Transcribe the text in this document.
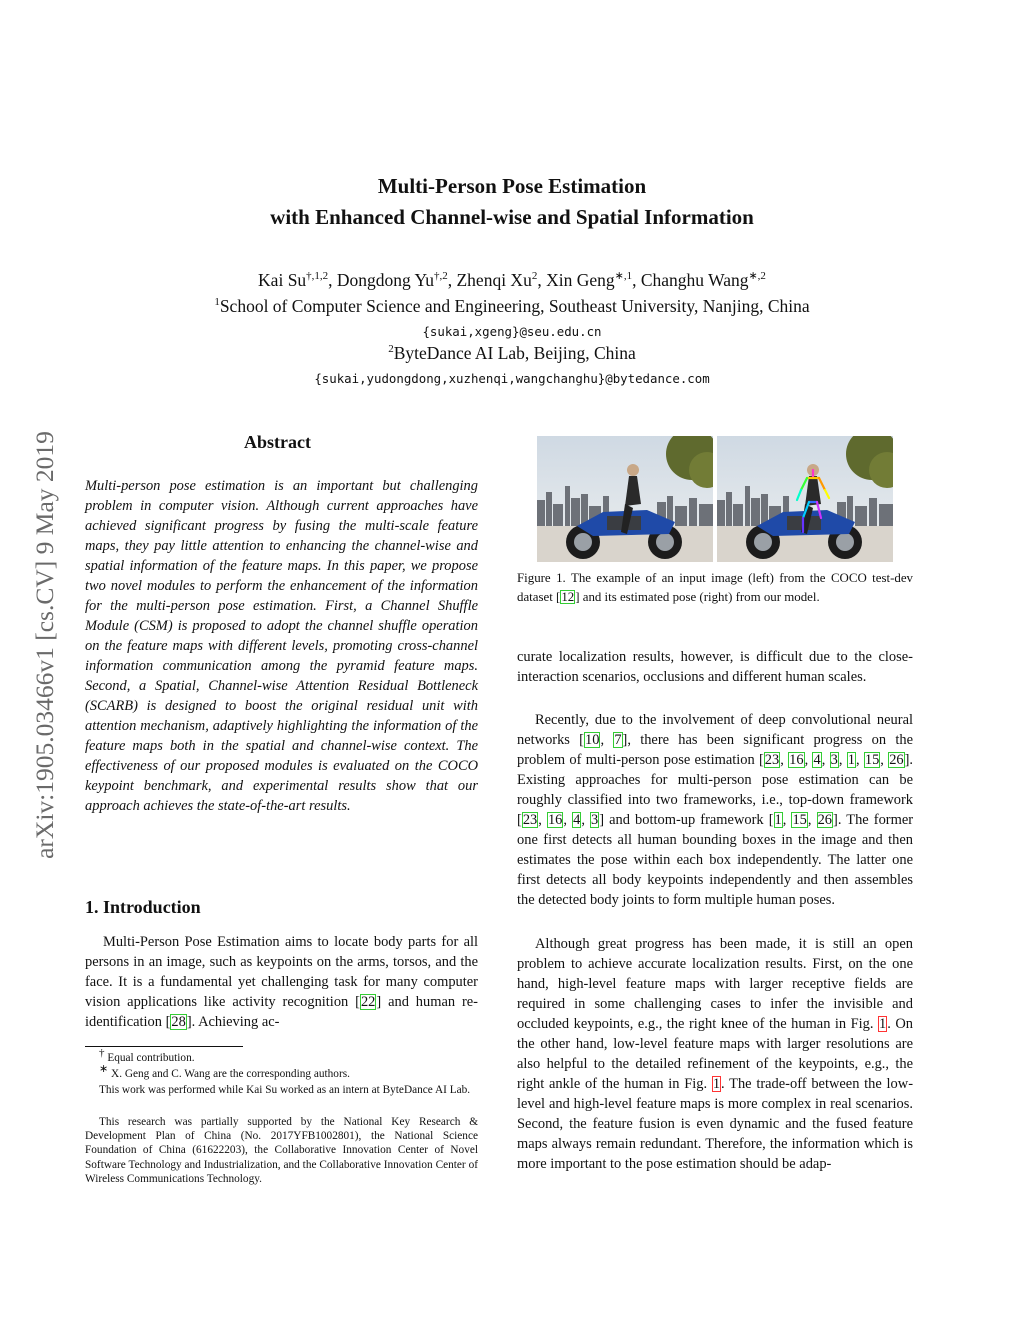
arXiv:1905.03466v1 [cs.CV] 9 May 2019
Multi-Person Pose Estimation
with Enhanced Channel-wise and Spatial Information
Kai $Su^{\dagger,1,2}$, Dongdong $Yu^{\dagger,2}$, Zhenqi Xu$^2$, Xin Geng$^{∗,1}$, Changhu Wang$^{∗,2}$
$^1$School of Computer Science and Engineering, Southeast University, Nanjing, China
{sukai,xgeng}@seu.edu.cn
$^2$ByteDance AI Lab, Beijing, China
{sukai,yudongdong,xuzhenqi,wangchanghu}@bytedance.com
Abstract

Multi-person pose estimation is an important but challenging problem in computer vision. Although current approaches have achieved significant progress by fusing the multi-scale feature maps, they pay little attention to enhancing the channel-wise and spatial information of the feature maps. In this paper, we propose two novel modules to perform the enhancement of the information for the multi-person pose estimation. First, a Channel Shuffle Module (CSM) is proposed to adopt the channel shuffle operation on the feature maps with different levels, promoting cross-channel information communication among the pyramid feature maps. Second, a Spatial, Channel-wise Attention Residual Bottleneck (SCARB) is designed to boost the original residual unit with attention mechanism, adaptively highlighting the information of the feature maps both in the spatial and channel-wise context. The effectiveness of our proposed modules is evaluated on the COCO keypoint benchmark, and experimental results show that our approach achieves the state-of-the-art results.

1. Introduction

Multi-Person Pose Estimation aims to locate body parts for all persons in an image, such as keypoints on the arms, torsos, and the face. It is a fundamental yet challenging task for many computer vision applications like activity recognition [22] and human re-identification [28]. Achieving ac-

† Equal contribution.

∗ X. Geng and C. Wang are the corresponding authors.

This work was performed while Kai Su worked as an intern at ByteDance AI Lab.

This research was partially supported by the National Key Research & Development Plan of China (No. 2017YFB1002801), the National Science Foundation of China (61622203), the Collaborative Innovation Center of Novel Software Technology and Industrialization, and the Collaborative Innovation Center of Wireless Communications Technology.

Figure 1. The example of an input image (left) from the COCO test-dev dataset [12] and its estimated pose (right) from our model.

curate localization results, however, is difficult due to the close-interaction scenarios, occlusions and different human scales.

Recently, due to the involvement of deep convolutional neural networks [10, 7], there has been significant progress on the problem of multi-person pose estimation [23, 16, 4, 3, 1, 15, 26]. Existing approaches for multi-person pose estimation can be roughly classified into two frameworks, i.e., top-down framework [23, 16, 4, 3] and bottom-up framework [1, 15, 26]. The former one first detects all human bounding boxes in the image and then estimates the pose within each box independently. The latter one first detects all body keypoints independently and then assembles the detected body joints to form multiple human poses.

Although great progress has been made, it is still an open problem to achieve accurate localization results. First, on the one hand, high-level feature maps with larger receptive fields are required in some challenging cases to infer the invisible and occluded keypoints, e.g., the right knee of the human in Fig. 1. On the other hand, low-level feature maps with larger resolutions are also helpful to the detailed refinement of the keypoints, e.g., the right ankle of the human in Fig. 1. The trade-off between the low-level and high-level feature maps is more complex in real scenarios. Second, the feature fusion is even dynamic and the fused feature maps always remain redundant. Therefore, the information which is more important to the pose estimation should be adap-
